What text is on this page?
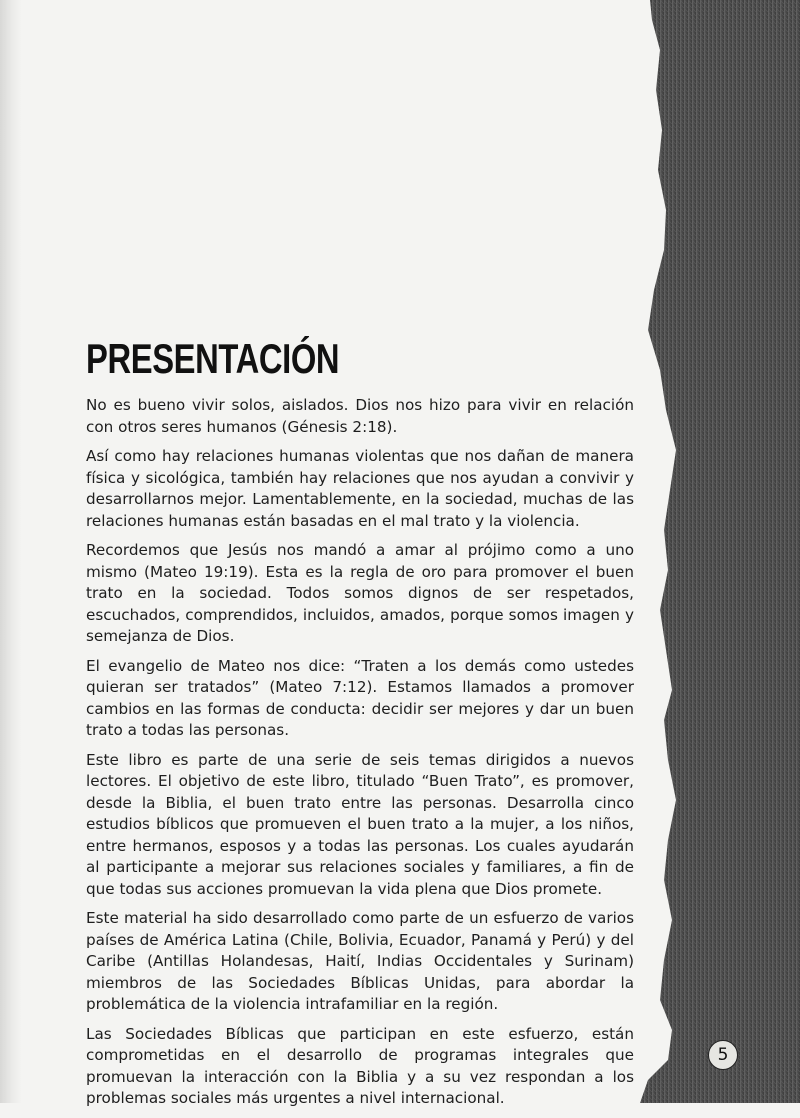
PRESENTACIÓN

No es bueno vivir solos, aislados. Dios nos hizo para vivir en relación con otros seres humanos (Génesis 2:18).

Así como hay relaciones humanas violentas que nos dañan de manera física y sicológica, también hay relaciones que nos ayudan a convivir y desarrollarnos mejor. Lamentablemente, en la sociedad, muchas de las relaciones humanas están basadas en el mal trato y la violencia.

Recordemos que Jesús nos mandó a amar al prójimo como a uno mismo (Mateo 19:19). Esta es la regla de oro para promover el buen trato en la sociedad. Todos somos dignos de ser respetados, escuchados, comprendidos, incluidos, amados, porque somos imagen y semejanza de Dios.

El evangelio de Mateo nos dice: “Traten a los demás como ustedes quieran ser tratados” (Mateo 7:12). Estamos llamados a promover cambios en las formas de conducta: decidir ser mejores y dar un buen trato a todas las personas.

Este libro es parte de una serie de seis temas dirigidos a nuevos lectores. El objetivo de este libro, titulado “Buen Trato”, es promover, desde la Biblia, el buen trato entre las personas. Desarrolla cinco estudios bíblicos que promueven el buen trato a la mujer, a los niños, entre hermanos, esposos y a todas las personas. Los cuales ayudarán al participante a mejorar sus relaciones sociales y familiares, a fin de que todas sus acciones promuevan la vida plena que Dios promete.

Este material ha sido desarrollado como parte de un esfuerzo de varios países de América Latina (Chile, Bolivia, Ecuador, Panamá y Perú) y del Caribe (Antillas Holandesas, Haití, Indias Occidentales y Surinam) miembros de las Sociedades Bíblicas Unidas, para abordar la problemática de la violencia intrafamiliar en la región.

Las Sociedades Bíblicas que participan en este esfuerzo, están comprometidas en el desarrollo de programas integrales que promuevan la interacción con la Biblia y a su vez respondan a los problemas sociales más urgentes a nivel internacional.

5
